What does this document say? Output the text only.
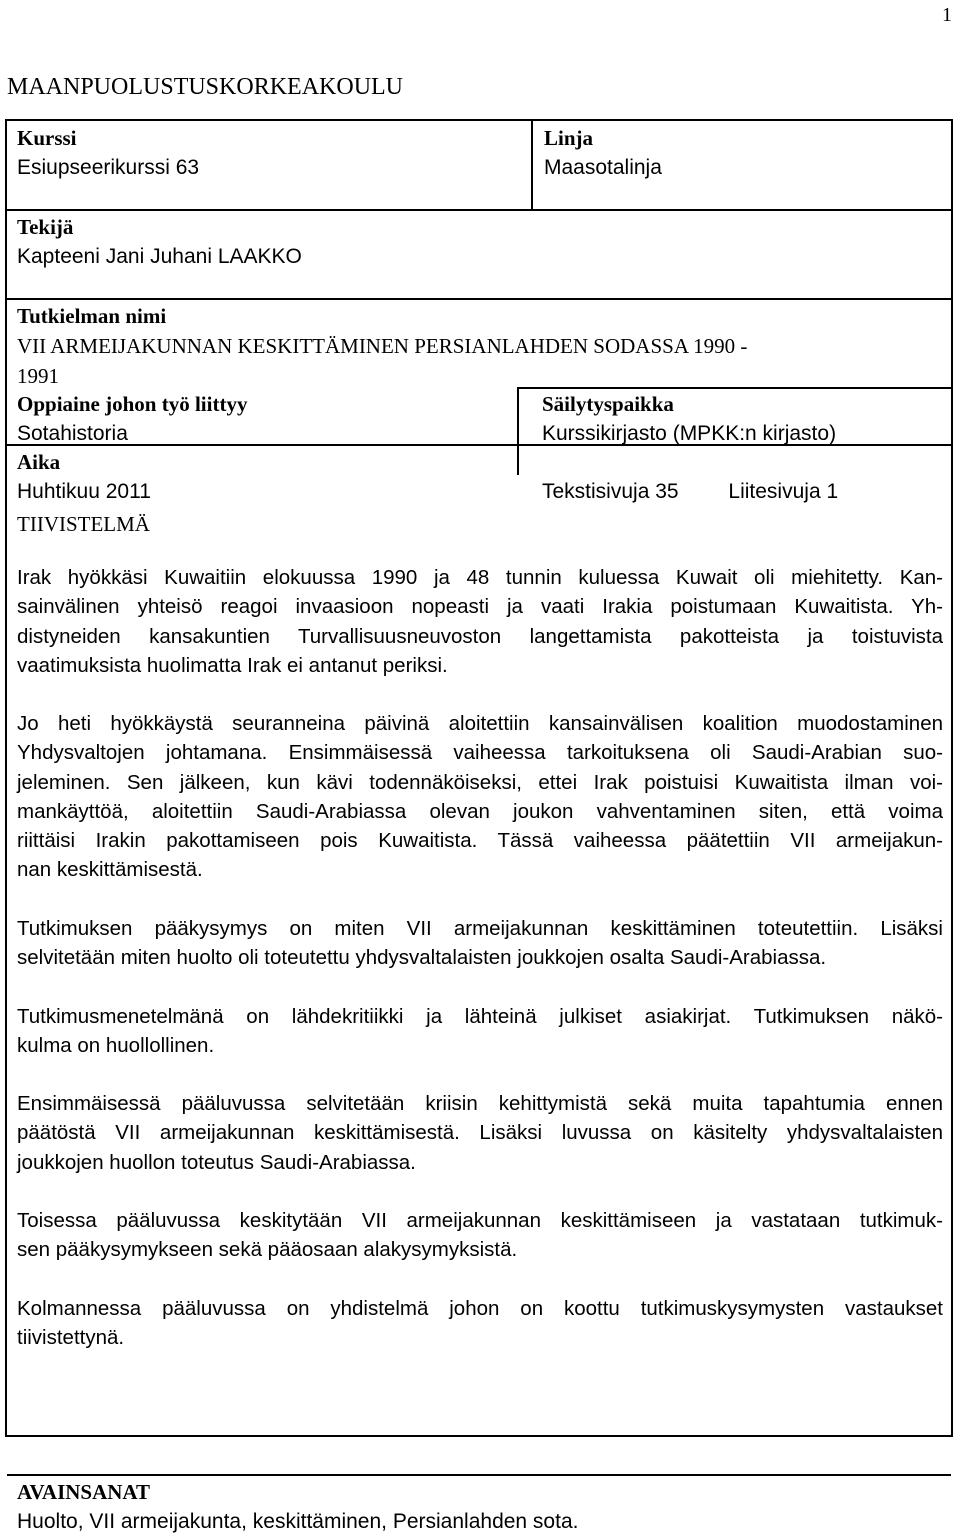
1
MAANPUOLUSTUSKORKEAKOULU
Kurssi
Esiupseerikurssi 63
Linja
Maasotalinja
Tekijä
Kapteeni Jani Juhani LAAKKO
Tutkielman nimi
VII ARMEIJAKUNNAN KESKITTÄMINEN PERSIANLAHDEN SODASSA 1990 -
1991
Oppiaine johon työ liittyy
Sotahistoria
Säilytyspaikka
Kurssikirjasto (MPKK:n kirjasto)
Aika
Huhtikuu 2011	Tekstisivuja 35 Liitesivuja 1
TIIVISTELMÄ
Irak hyökkäsi Kuwaitiin elokuussa 1990 ja 48 tunnin kuluessa Kuwait oli miehitetty. Kan-
sainvälinen yhteisö reagoi invaasioon nopeasti ja vaati Irakia poistumaan Kuwaitista. Yh-
distyneiden kansakuntien Turvallisuusneuvoston langettamista pakotteista ja toistuvista
vaatimuksista huolimatta Irak ei antanut periksi.
Jo heti hyökkäystä seuranneina päivinä aloitettiin kansainvälisen koalition muodostaminen
Yhdysvaltojen johtamana. Ensimmäisessä vaiheessa tarkoituksena oli Saudi-Arabian suo-
jeleminen. Sen jälkeen, kun kävi todennäköiseksi, ettei Irak poistuisi Kuwaitista ilman voi-
mankäyttöä, aloitettiin Saudi-Arabiassa olevan joukon vahventaminen siten, että voima
riittäisi Irakin pakottamiseen pois Kuwaitista. Tässä vaiheessa päätettiin VII armeijakun-
nan keskittämisestä.
Tutkimuksen pääkysymys on miten VII armeijakunnan keskittäminen toteutettiin. Lisäksi
selvitetään miten huolto oli toteutettu yhdysvaltalaisten joukkojen osalta Saudi-Arabiassa.
Tutkimusmenetelmänä on lähdekritiikki ja lähteinä julkiset asiakirjat. Tutkimuksen näkö-
kulma on huollollinen.
Ensimmäisessä pääluvussa selvitetään kriisin kehittymistä sekä muita tapahtumia ennen
päätöstä VII armeijakunnan keskittämisestä. Lisäksi luvussa on käsitelty yhdysvaltalaisten
joukkojen huollon toteutus Saudi-Arabiassa.
Toisessa pääluvussa keskitytään VII armeijakunnan keskittämiseen ja vastataan tutkimuk-
sen pääkysymykseen sekä pääosaan alakysymyksistä.
Kolmannessa pääluvussa on yhdistelmä johon on koottu tutkimuskysymysten vastaukset
tiivistettynä.
AVAINSANAT
Huolto, VII armeijakunta, keskittäminen, Persianlahden sota.
